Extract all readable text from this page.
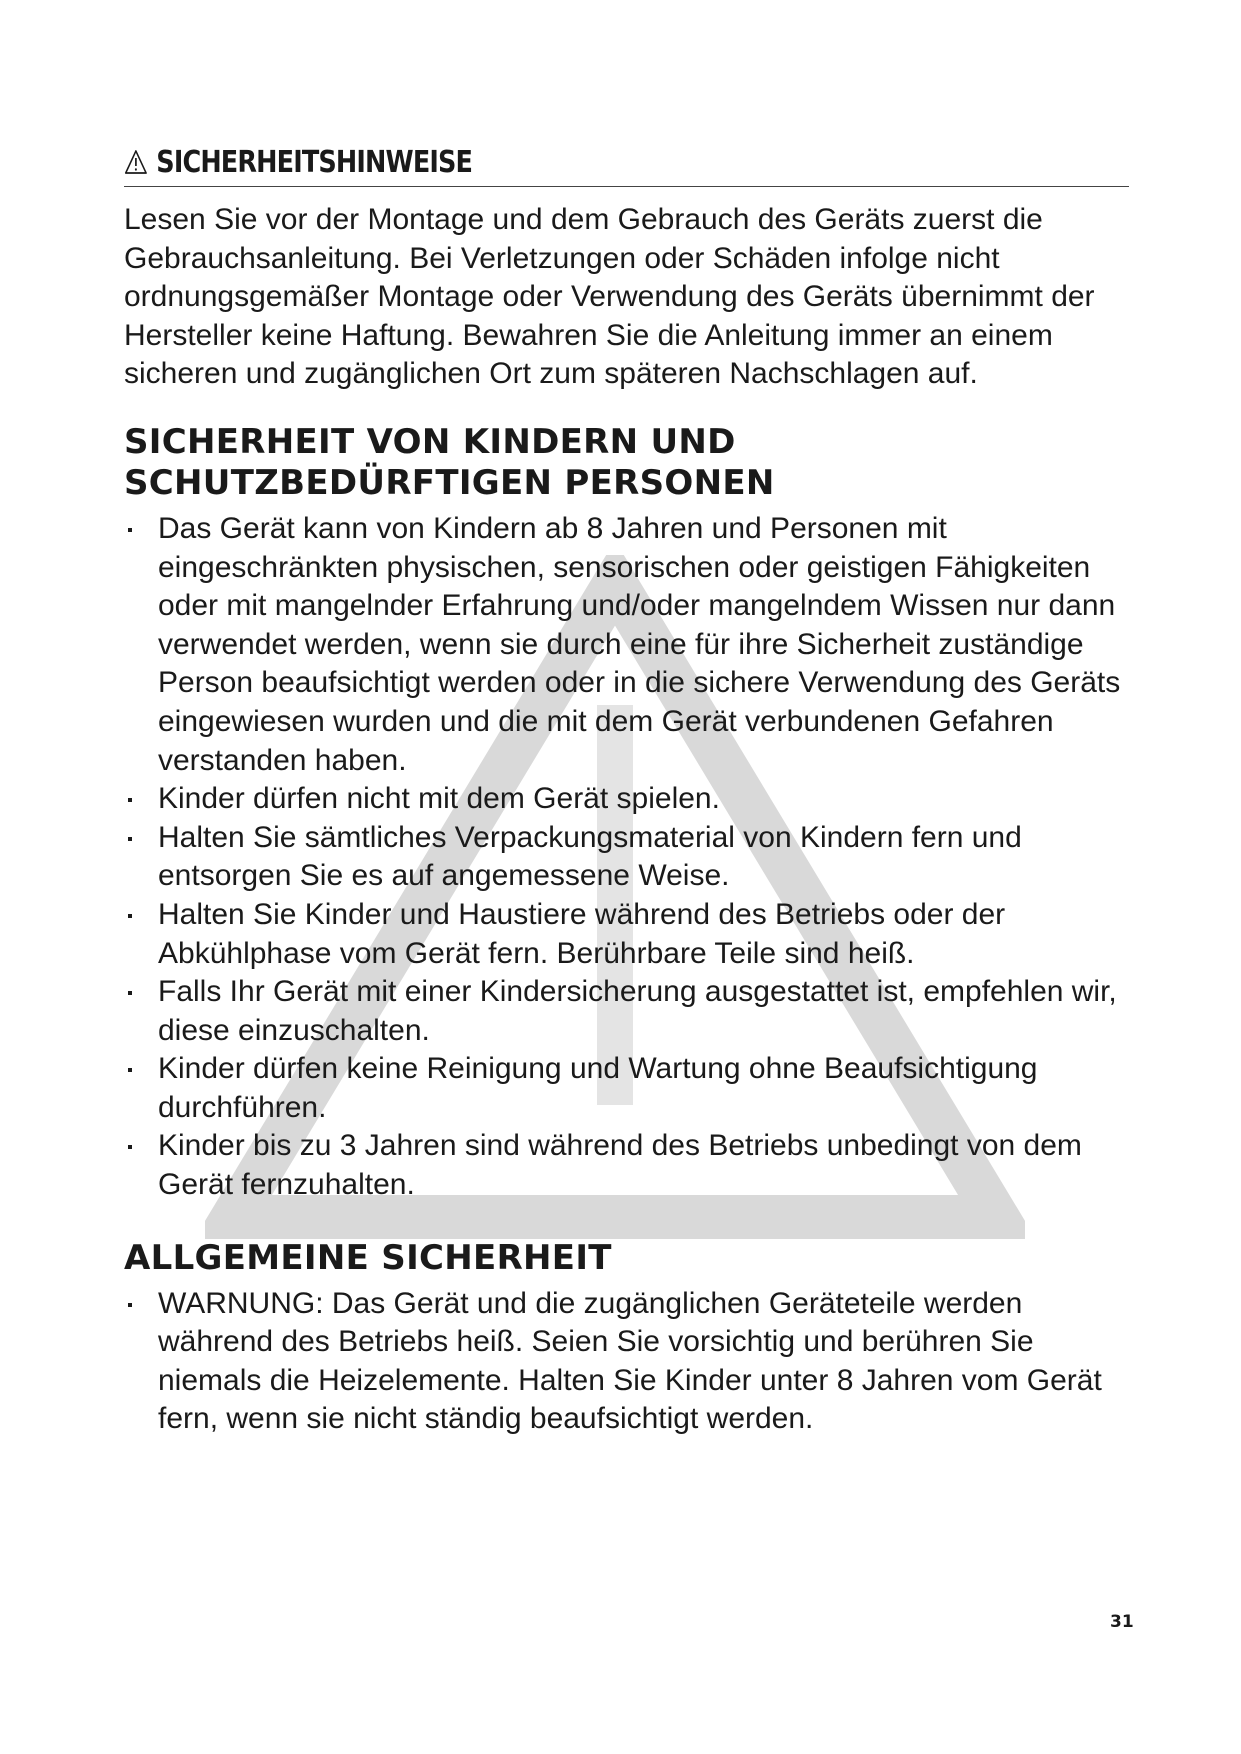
SICHERHEITSHINWEISE

Lesen Sie vor der Montage und dem Gebrauch des Geräts zuerst die Gebrauchsanleitung. Bei Verletzungen oder Schäden infolge nicht ordnungsgemäßer Montage oder Verwendung des Geräts übernimmt der Hersteller keine Haftung. Bewahren Sie die Anleitung immer an einem sicheren und zugänglichen Ort zum späteren Nachschlagen auf.

SICHERHEIT VON KINDERN UND SCHUTZBEDÜRFTIGEN PERSONEN
Das Gerät kann von Kindern ab 8 Jahren und Personen mit eingeschränkten physischen, sensorischen oder geistigen Fähigkeiten oder mit mangelnder Erfahrung und/oder mangelndem Wissen nur dann verwendet werden, wenn sie durch eine für ihre Sicherheit zuständige Person beaufsichtigt werden oder in die sichere Verwendung des Geräts eingewiesen wurden und die mit dem Gerät verbundenen Gefahren verstanden haben.
Kinder dürfen nicht mit dem Gerät spielen.
Halten Sie sämtliches Verpackungsmaterial von Kindern fern und entsorgen Sie es auf angemessene Weise.
Halten Sie Kinder und Haustiere während des Betriebs oder der Abkühlphase vom Gerät fern. Berührbare Teile sind heiß.
Falls Ihr Gerät mit einer Kindersicherung ausgestattet ist, empfehlen wir, diese einzuschalten.
Kinder dürfen keine Reinigung und Wartung ohne Beaufsichtigung durchführen.
Kinder bis zu 3 Jahren sind während des Betriebs unbedingt von dem Gerät fernzuhalten.
ALLGEMEINE SICHERHEIT
WARNUNG: Das Gerät und die zugänglichen Geräteteile werden während des Betriebs heiß. Seien Sie vorsichtig und berühren Sie niemals die Heizelemente. Halten Sie Kinder unter 8 Jahren vom Gerät fern, wenn sie nicht ständig beaufsichtigt werden.
31
